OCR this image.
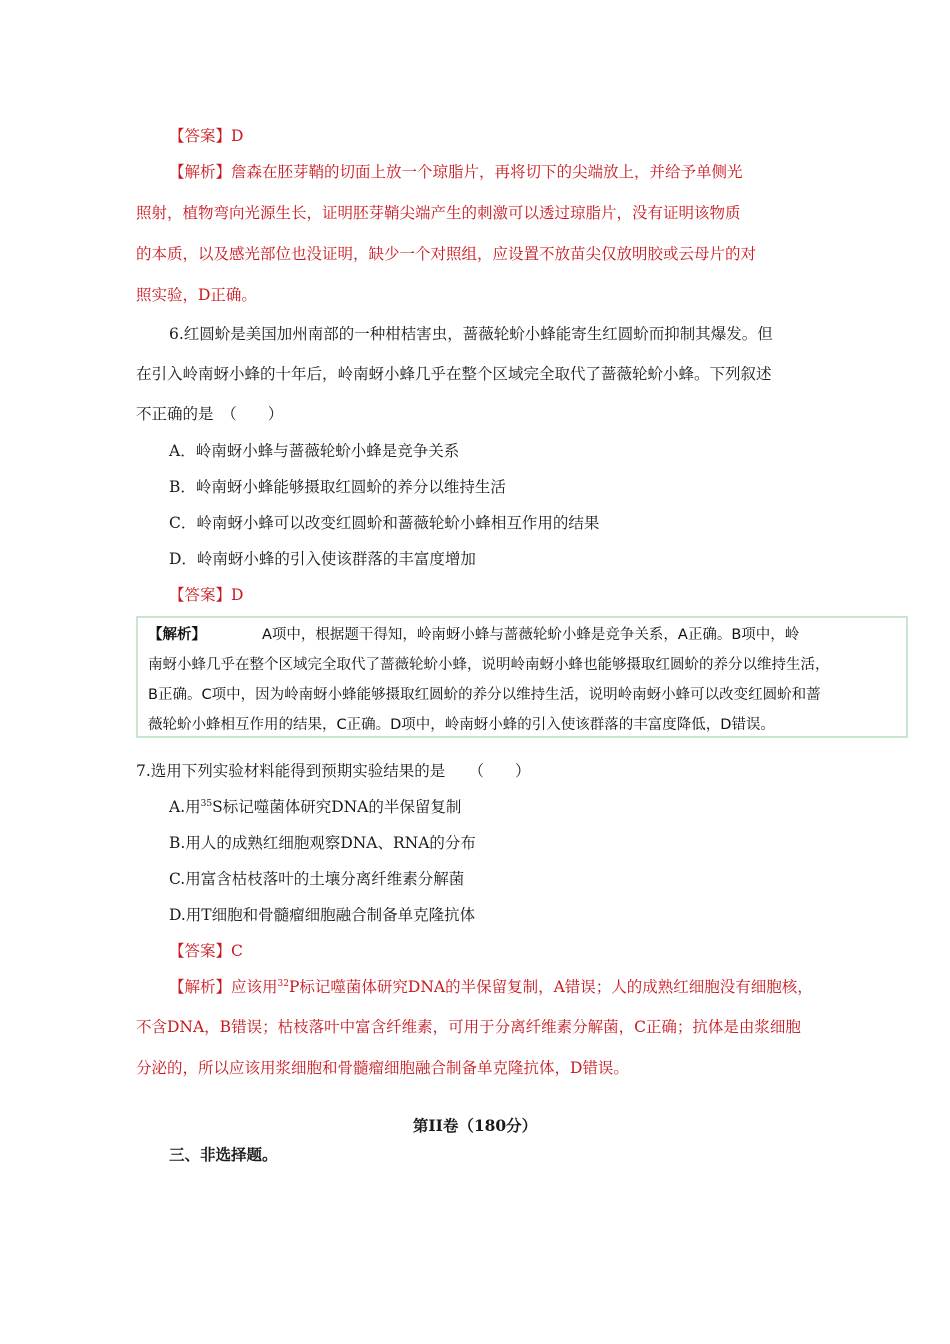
【答案】D
【解析】詹森在胚芽鞘的切面上放一个琼脂片，再将切下的尖端放上，并给予单侧光
照射，植物弯向光源生长，证明胚芽鞘尖端产生的刺激可以透过琼脂片，没有证明该物质
的本质，以及感光部位也没证明，缺少一个对照组，应设置不放苗尖仅放明胶或云母片的对
照实验，D正确。
6.红圆蚧是美国加州南部的一种柑桔害虫，蔷薇轮蚧小蜂能寄生红圆蚧而抑制其爆发。但
在引入岭南蚜小蜂的十年后，岭南蚜小蜂几乎在整个区域完全取代了蔷薇轮蚧小蜂。下列叙述
不正确的是　（　　）
A．岭南蚜小蜂与蔷薇轮蚧小蜂是竞争关系
B．岭南蚜小蜂能够摄取红圆蚧的养分以维持生活
C．岭南蚜小蜂可以改变红圆蚧和蔷薇轮蚧小蜂相互作用的结果
D．岭南蚜小蜂的引入使该群落的丰富度增加
【答案】D
【解析】	A项中，根据题干得知，岭南蚜小蜂与蔷薇轮蚧小蜂是竞争关系，A正确。B项中，岭
南蚜小蜂几乎在整个区域完全取代了蔷薇轮蚧小蜂，说明岭南蚜小蜂也能够摄取红圆蚧的养分以维持生活，
B正确。C项中，因为岭南蚜小蜂能够摄取红圆蚧的养分以维持生活，说明岭南蚜小蜂可以改变红圆蚧和蔷
薇轮蚧小蜂相互作用的结果，C正确。D项中，岭南蚜小蜂的引入使该群落的丰富度降低，D错误。
7.选用下列实验材料能得到预期实验结果的是　　（　　）
A.用$^{35}$S标记噬菌体研究DNA的半保留复制
B.用人的成熟红细胞观察DNA、RNA的分布
C.用富含枯枝落叶的土壤分离纤维素分解菌
D.用T细胞和骨髓瘤细胞融合制备单克隆抗体
【答案】C
【解析】应该用$^{32}$P标记噬菌体研究DNA的半保留复制，A错误；人的成熟红细胞没有细胞核，
不含DNA，B错误；枯枝落叶中富含纤维素，可用于分离纤维素分解菌，C正确；抗体是由浆细胞
分泌的，所以应该用浆细胞和骨髓瘤细胞融合制备单克隆抗体，D错误。
第II卷（180分）
三、非选择题。
